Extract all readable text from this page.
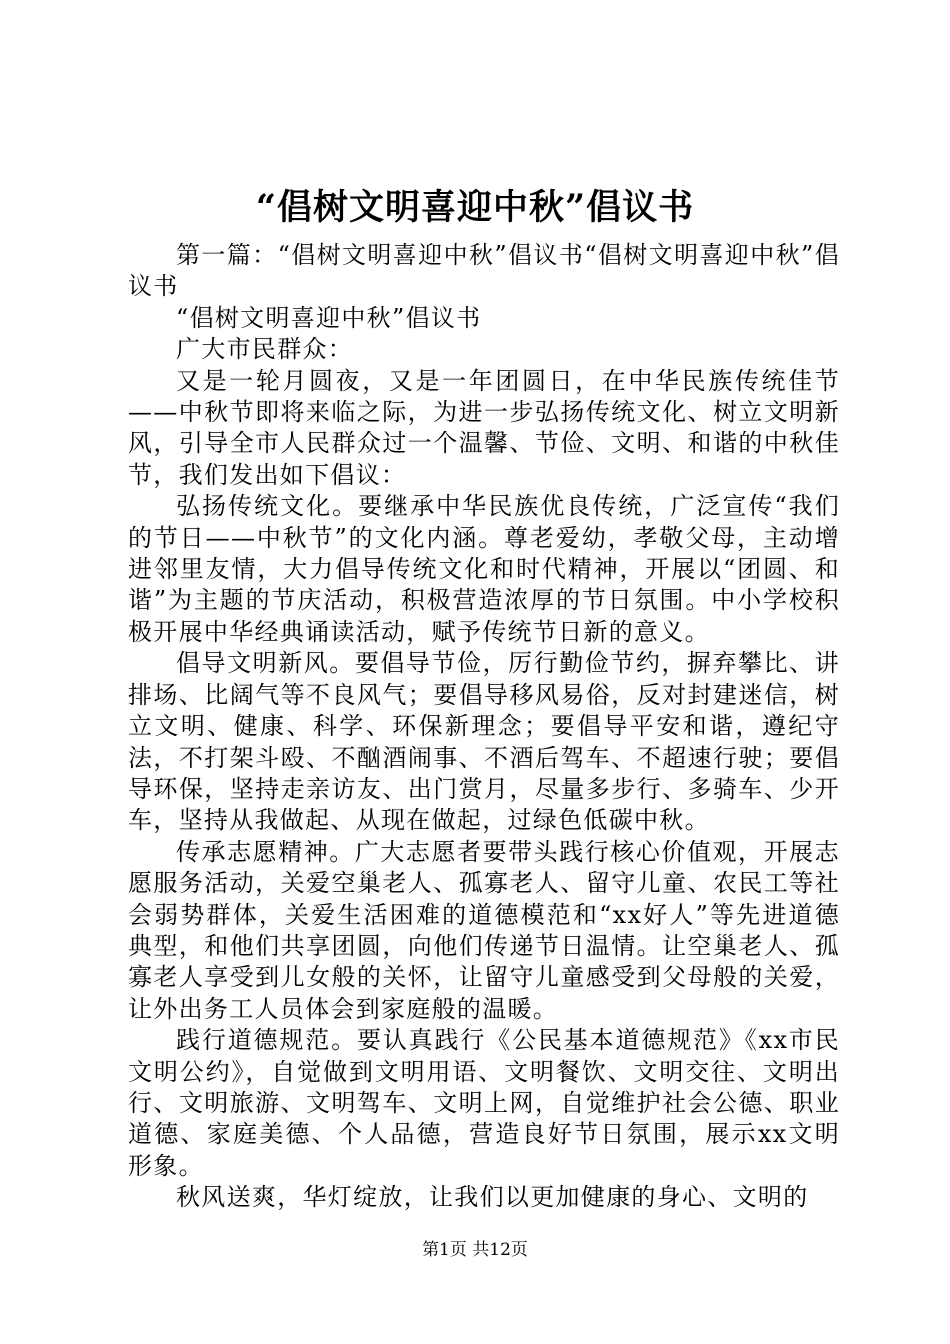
“倡树文明喜迎中秋”倡议书

第一篇：“倡树文明喜迎中秋”倡议书“倡树文明喜迎中秋”倡议书

“倡树文明喜迎中秋”倡议书

广大市民群众：

又是一轮月圆夜，又是一年团圆日，在中华民族传统佳节——中秋节即将来临之际，为进一步弘扬传统文化、树立文明新风，引导全市人民群众过一个温馨、节俭、文明、和谐的中秋佳节，我们发出如下倡议：

弘扬传统文化。要继承中华民族优良传统，广泛宣传“我们的节日——中秋节”的文化内涵。尊老爱幼，孝敬父母，主动增进邻里友情，大力倡导传统文化和时代精神，开展以“团圆、和谐”为主题的节庆活动，积极营造浓厚的节日氛围。中小学校积极开展中华经典诵读活动，赋予传统节日新的意义。

倡导文明新风。要倡导节俭，厉行勤俭节约，摒弃攀比、讲排场、比阔气等不良风气；要倡导移风易俗，反对封建迷信，树立文明、健康、科学、环保新理念；要倡导平安和谐，遵纪守法，不打架斗殴、不酗酒闹事、不酒后驾车、不超速行驶；要倡导环保，坚持走亲访友、出门赏月，尽量多步行、多骑车、少开车，坚持从我做起、从现在做起，过绿色低碳中秋。

传承志愿精神。广大志愿者要带头践行核心价值观，开展志愿服务活动，关爱空巢老人、孤寡老人、留守儿童、农民工等社会弱势群体，关爱生活困难的道德模范和“xx好人”等先进道德典型，和他们共享团圆，向他们传递节日温情。让空巢老人、孤寡老人享受到儿女般的关怀，让留守儿童感受到父母般的关爱，让外出务工人员体会到家庭般的温暖。

践行道德规范。要认真践行《公民基本道德规范》《xx市民文明公约》，自觉做到文明用语、文明餐饮、文明交往、文明出行、文明旅游、文明驾车、文明上网，自觉维护社会公德、职业道德、家庭美德、个人品德，营造良好节日氛围，展示xx文明形象。

秋风送爽，华灯绽放，让我们以更加健康的身心、文明的

第1页 共12页
